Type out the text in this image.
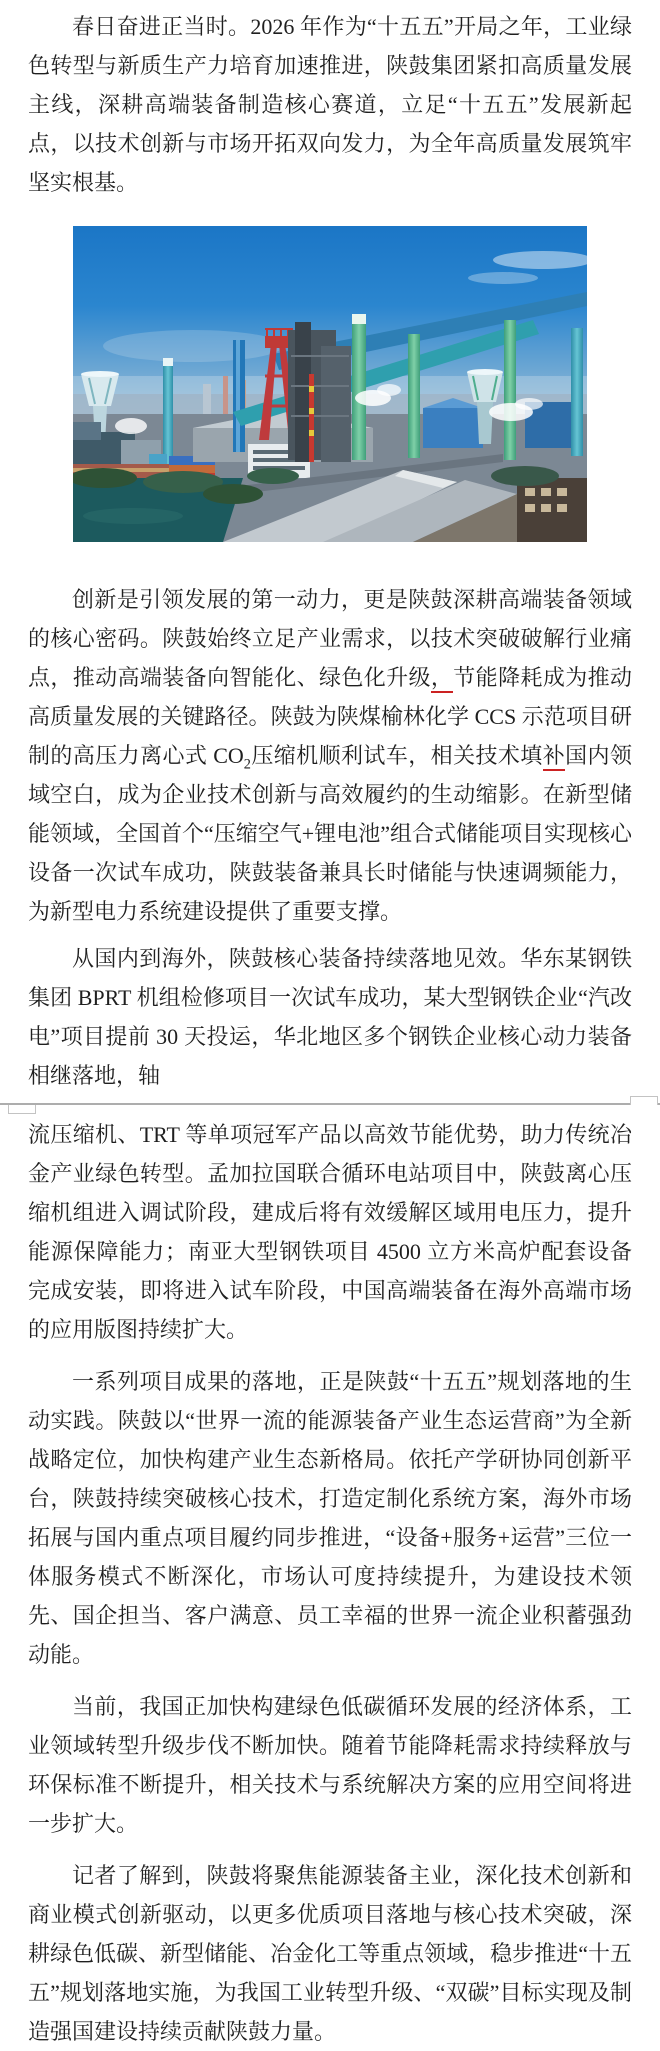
春日奋进正当时。2026 年作为“十五五”开局之年，工业绿色转型与新质生产力培育加速推进，陕鼓集团紧扣高质量发展主线，深耕高端装备制造核心赛道，立足“十五五”发展新起点，以技术创新与市场开拓双向发力，为全年高质量发展筑牢坚实根基。

创新是引领发展的第一动力，更是陕鼓深耕高端装备领域的核心密码。陕鼓始终立足产业需求，以技术突破破解行业痛点，推动高端装备向智能化、绿色化升级，节能降耗成为推动高质量发展的关键路径。陕鼓为陕煤榆林化学 CCS 示范项目研制的高压力离心式 $CO_2$压缩机顺利试车，相关技术填补国内领域空白，成为企业技术创新与高效履约的生动缩影。在新型储能领域，全国首个“压缩空气+锂电池”组合式储能项目实现核心设备一次试车成功，陕鼓装备兼具长时储能与快速调频能力，为新型电力系统建设提供了重要支撑。

从国内到海外，陕鼓核心装备持续落地见效。华东某钢铁集团 BPRT 机组检修项目一次试车成功，某大型钢铁企业“汽改电”项目提前 30 天投运，华北地区多个钢铁企业核心动力装备相继落地，轴

流压缩机、TRT 等单项冠军产品以高效节能优势，助力传统冶金产业绿色转型。孟加拉国联合循环电站项目中，陕鼓离心压缩机组进入调试阶段，建成后将有效缓解区域用电压力，提升能源保障能力；南亚大型钢铁项目 4500 立方米高炉配套设备完成安装，即将进入试车阶段，中国高端装备在海外高端市场的应用版图持续扩大。

一系列项目成果的落地，正是陕鼓“十五五”规划落地的生动实践。陕鼓以“世界一流的能源装备产业生态运营商”为全新战略定位，加快构建产业生态新格局。依托产学研协同创新平台，陕鼓持续突破核心技术，打造定制化系统方案，海外市场拓展与国内重点项目履约同步推进，“设备+服务+运营”三位一体服务模式不断深化，市场认可度持续提升，为建设技术领先、国企担当、客户满意、员工幸福的世界一流企业积蓄强劲动能。

当前，我国正加快构建绿色低碳循环发展的经济体系，工业领域转型升级步伐不断加快。随着节能降耗需求持续释放与环保标准不断提升，相关技术与系统解决方案的应用空间将进一步扩大。

记者了解到，陕鼓将聚焦能源装备主业，深化技术创新和商业模式创新驱动，以更多优质项目落地与核心技术突破，深耕绿色低碳、新型储能、冶金化工等重点领域，稳步推进“十五五”规划落地实施，为我国工业转型升级、“双碳”目标实现及制造强国建设持续贡献陕鼓力量。
